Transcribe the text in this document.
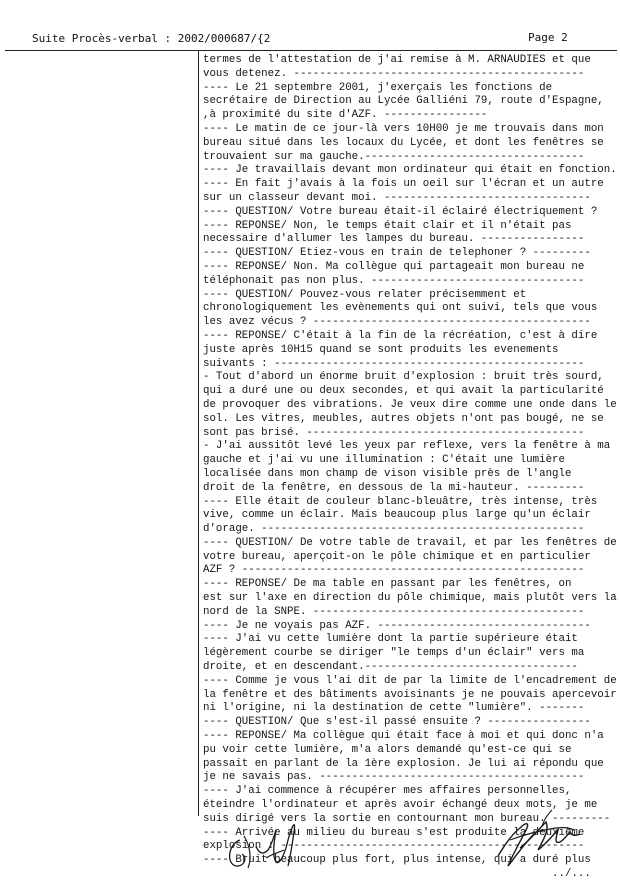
Suite Procès-verbal : 2002/000687/{2	Page 2
termes de l'attestation de j'ai remise à M. ARNAUDIES et que
vous detenez. ---------------------------------------------
---- Le 21 septembre 2001, j'exerçais les fonctions de
secrétaire de Direction au Lycée Galliéni 79, route d'Espagne,
,à proximité du site d'AZF. ----------------
---- Le matin de ce jour-là vers 10H00 je me trouvais dans mon
bureau situé dans les locaux du Lycée, et dont les fenêtres se
trouvaient sur ma gauche.----------------------------------
---- Je travaillais devant mon ordinateur qui était en fonction.
---- En fait j'avais à la fois un oeil sur l'écran et un autre
sur un classeur devant moi. --------------------------------
---- QUESTION/ Votre bureau était-il éclairé électriquement ?
---- REPONSE/ Non, le temps était clair et il n'était pas
necessaire d'allumer les lampes du bureau. ----------------
---- QUESTION/ Etiez-vous en train de telephoner ? ---------
---- REPONSE/ Non. Ma collègue qui partageait mon bureau ne
téléphonait pas non plus. ---------------------------------
---- QUESTION/ Pouvez-vous relater précisemment et
chronologiquement les evènements qui ont suivi, tels que vous
les avez vécus ? -------------------------------------------
---- REPONSE/ C'était à la fin de la récréation, c'est à dire
juste après 10H15 quand se sont produits les evenements
suivants : ------------------------------------------------
- Tout d'abord un énorme bruit d'explosion : bruit très sourd,
qui a duré une ou deux secondes, et qui avait la particularité
de provoquer des vibrations. Je veux dire comme une onde dans le
sol. Les vitres, meubles, autres objets n'ont pas bougé, ne se
sont pas brisé. -------------------------------------------
- J'ai aussitôt levé les yeux par reflexe, vers la fenêtre à ma
gauche et j'ai vu une illumination : C'était une lumière
localisée dans mon champ de vison visible près de l'angle
droit de la fenêtre, en dessous de la mi-hauteur. ---------
---- Elle était de couleur blanc-bleuâtre, très intense, très
vive, comme un éclair. Mais beaucoup plus large qu'un éclair
d'orage. --------------------------------------------------
---- QUESTION/ De votre table de travail, et par les fenêtres de
votre bureau, aperçoit-on le pôle chimique et en particulier
AZF ? -----------------------------------------------------
---- REPONSE/ De ma table en passant par les fenêtres, on
est sur l'axe en direction du pôle chimique, mais plutôt vers la
nord de la SNPE. ------------------------------------------
---- Je ne voyais pas AZF. ---------------------------------
---- J'ai vu cette lumière dont la partie supérieure était
légèrement courbe se diriger "le temps d'un éclair" vers ma
droite, et en descendant.---------------------------------
---- Comme je vous l'ai dit de par la limite de l'encadrement de
la fenêtre et des bâtiments avoisinants je ne pouvais apercevoir
ni l'origine, ni la destination de cette "lumière". -------
---- QUESTION/ Que s'est-il passé ensuite ? ----------------
---- REPONSE/ Ma collègue qui était face à moi et qui donc n'a
pu voir cette lumière, m'a alors demandé qu'est-ce qui se
passait en parlant de la 1ère explosion. Je lui ai répondu que
je ne savais pas. -----------------------------------------
---- J'ai commence à récupérer mes affaires personnelles,
éteindre l'ordinateur et après avoir échangé deux mots, je me
suis dirigé vers la sortie en contournant mon bureau. ---------
---- Arrivée au milieu du bureau s'est produite la deuxième
explosion : -----------------------------------------------
---- Bruit beaucoup plus fort, plus intense, qui a duré plus
../...
